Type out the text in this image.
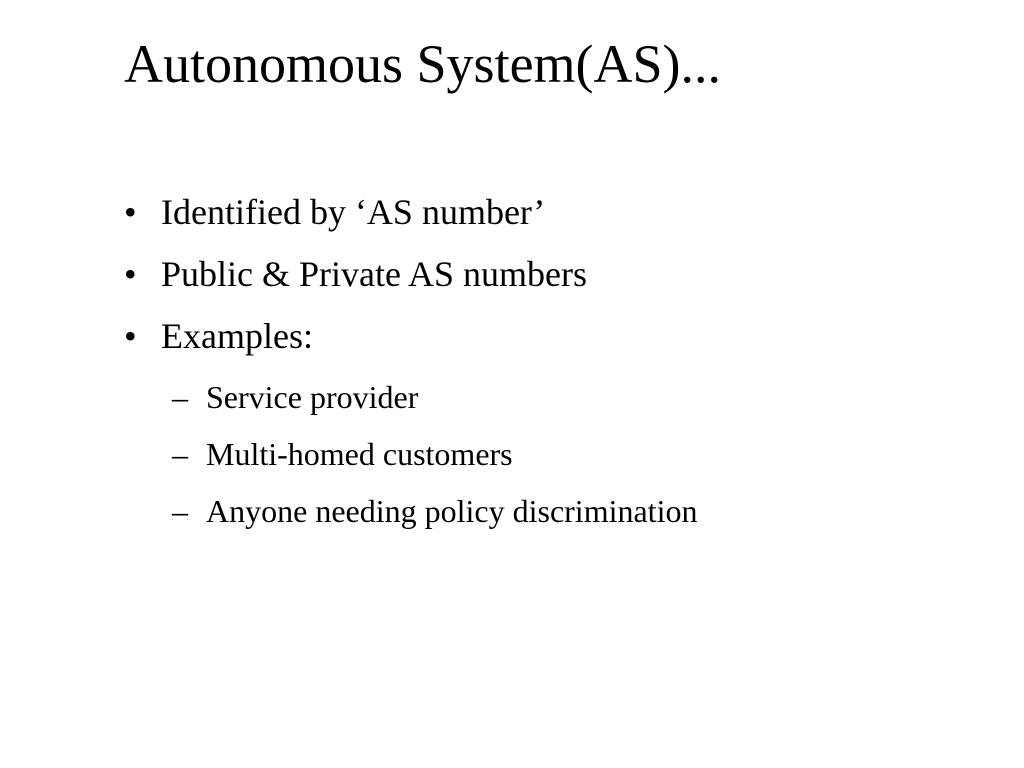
Autonomous System(AS)...
• Identified by ‘AS number’
• Public & Private AS numbers
• Examples:
– Service provider
– Multi-homed customers
– Anyone needing policy discrimination
